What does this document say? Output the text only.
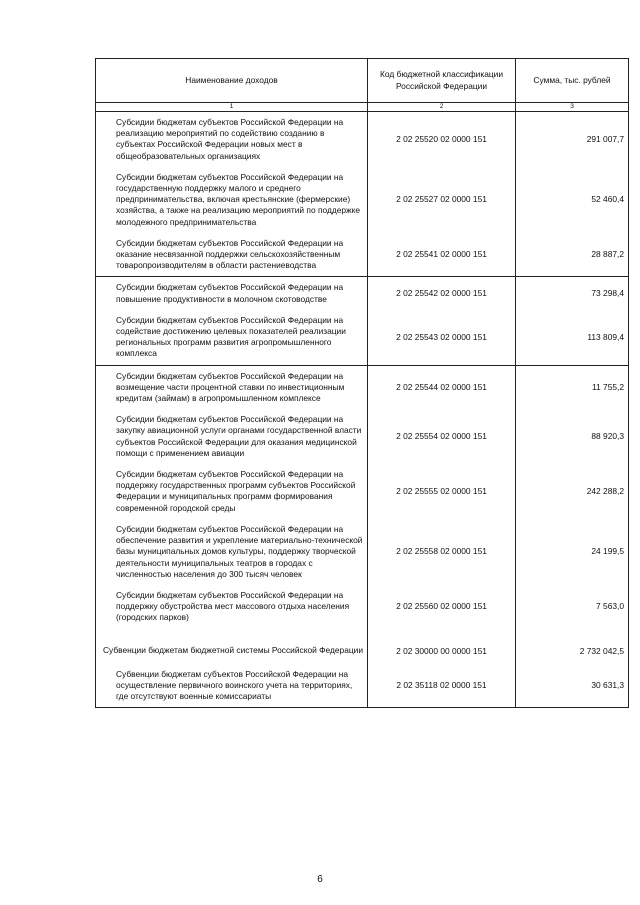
Наименование доходов	Код бюджетной классификации Российской Федерации	Сумма, тыс. рублей
1	2	3
Субсидии бюджетам субъектов Российской Федерации на реализацию мероприятий по содействию созданию в субъектах Российской Федерации новых мест в общеобразовательных организациях	2 02 25520 02 0000 151	291 007,7
Субсидии бюджетам субъектов Российской Федерации на государственную поддержку малого и среднего предпринимательства, включая крестьянские (фермерские) хозяйства, а также на реализацию мероприятий по поддержке молодежного предпринимательства	2 02 25527 02 0000 151	52 460,4
Субсидии бюджетам субъектов Российской Федерации на оказание несвязанной поддержки сельскохозяйственным товаропроизводителям в области растениеводства	2 02 25541 02 0000 151	28 887,2
Субсидии бюджетам субъектов Российской Федерации на повышение продуктивности в молочном скотоводстве	2 02 25542 02 0000 151	73 298,4
Субсидии бюджетам субъектов Российской Федерации на содействие достижению целевых показателей реализации региональных программ развития агропромышленного комплекса	2 02 25543 02 0000 151	113 809,4
Субсидии бюджетам субъектов Российской Федерации на возмещение части процентной ставки по инвестиционным кредитам (займам) в агропромышленном комплексе	2 02 25544 02 0000 151	11 755,2
Субсидии бюджетам субъектов Российской Федерации на закупку авиационной услуги органами государственной власти субъектов Российской Федерации для оказания медицинской помощи с применением авиации	2 02 25554 02 0000 151	88 920,3
Субсидии бюджетам субъектов Российской Федерации на поддержку государственных программ субъектов Российской Федерации и муниципальных программ формирования современной городской среды	2 02 25555 02 0000 151	242 288,2
Субсидии бюджетам субъектов Российской Федерации на обеспечение развития и укрепление материально-технической базы муниципальных домов культуры, поддержку творческой деятельности муниципальных театров в городах с численностью населения до 300 тысяч человек	2 02 25558 02 0000 151	24 199,5
Субсидии бюджетам субъектов Российской Федерации на поддержку обустройства мест массового отдыха населения (городских парков)	2 02 25560 02 0000 151	7 563,0
Субвенции бюджетам бюджетной системы Российской Федерации	2 02 30000 00 0000 151	2 732 042,5
Субвенции бюджетам субъектов Российской Федерации на осуществление первичного воинского учета на территориях, где отсутствуют военные комиссариаты	2 02 35118 02 0000 151	30 631,3
6
